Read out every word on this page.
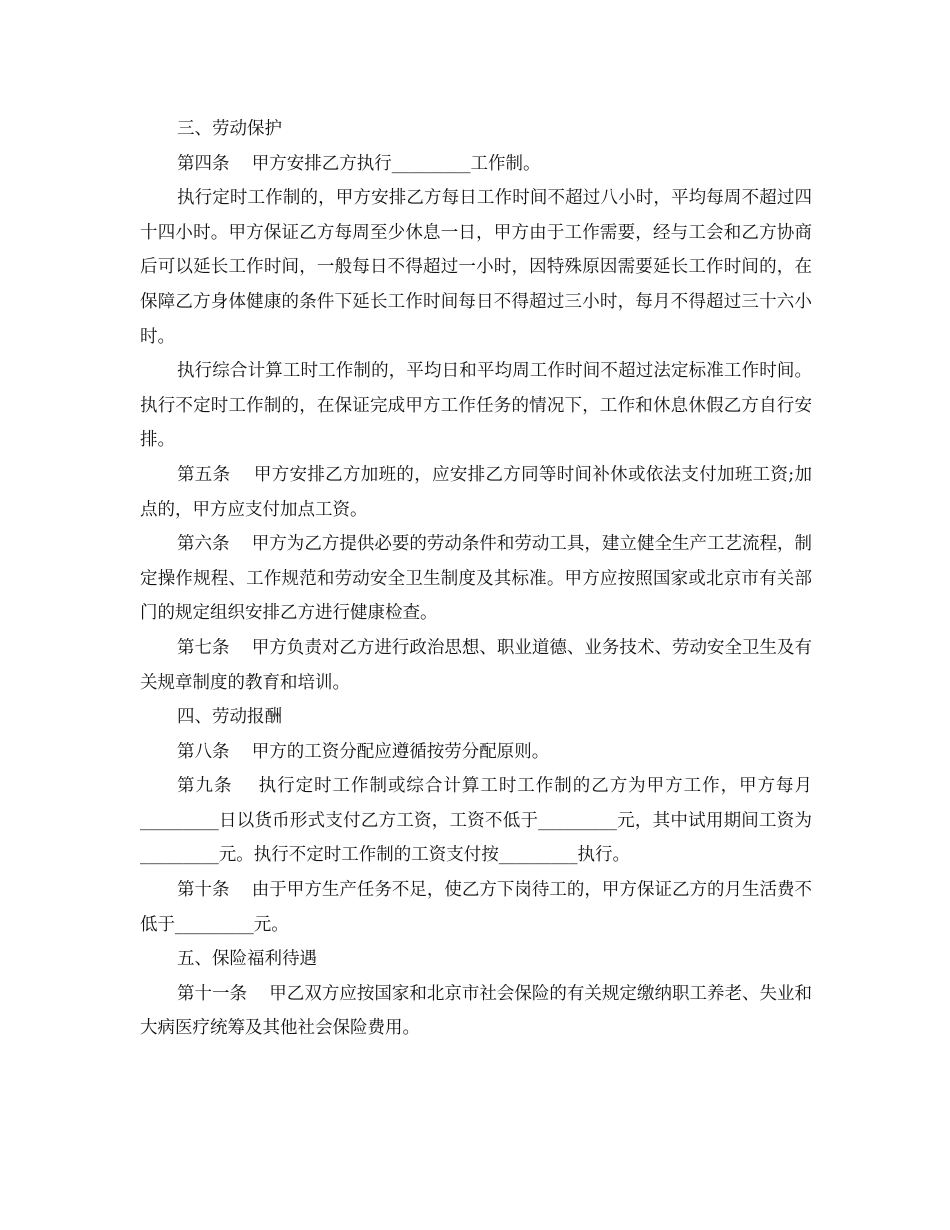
三、劳动保护

第四条    甲方安排乙方执行_________工作制。

执行定时工作制的，甲方安排乙方每日工作时间不超过八小时，平均每周不超过四十四小时。甲方保证乙方每周至少休息一日，甲方由于工作需要，经与工会和乙方协商后可以延长工作时间，一般每日不得超过一小时，因特殊原因需要延长工作时间的，在保障乙方身体健康的条件下延长工作时间每日不得超过三小时，每月不得超过三十六小时。

执行综合计算工时工作制的，平均日和平均周工作时间不超过法定标准工作时间。执行不定时工作制的，在保证完成甲方工作任务的情况下，工作和休息休假乙方自行安排。

第五条    甲方安排乙方加班的，应安排乙方同等时间补休或依法支付加班工资;加点的，甲方应支付加点工资。

第六条    甲方为乙方提供必要的劳动条件和劳动工具，建立健全生产工艺流程，制定操作规程、工作规范和劳动安全卫生制度及其标准。甲方应按照国家或北京市有关部门的规定组织安排乙方进行健康检查。

第七条    甲方负责对乙方进行政治思想、职业道德、业务技术、劳动安全卫生及有关规章制度的教育和培训。

四、劳动报酬

第八条    甲方的工资分配应遵循按劳分配原则。

第九条    执行定时工作制或综合计算工时工作制的乙方为甲方工作，甲方每月_________日以货币形式支付乙方工资，工资不低于_________元，其中试用期间工资为_________元。执行不定时工作制的工资支付按_________执行。

第十条    由于甲方生产任务不足，使乙方下岗待工的，甲方保证乙方的月生活费不低于_________元。

五、保险福利待遇

第十一条    甲乙双方应按国家和北京市社会保险的有关规定缴纳职工养老、失业和大病医疗统筹及其他社会保险费用。
